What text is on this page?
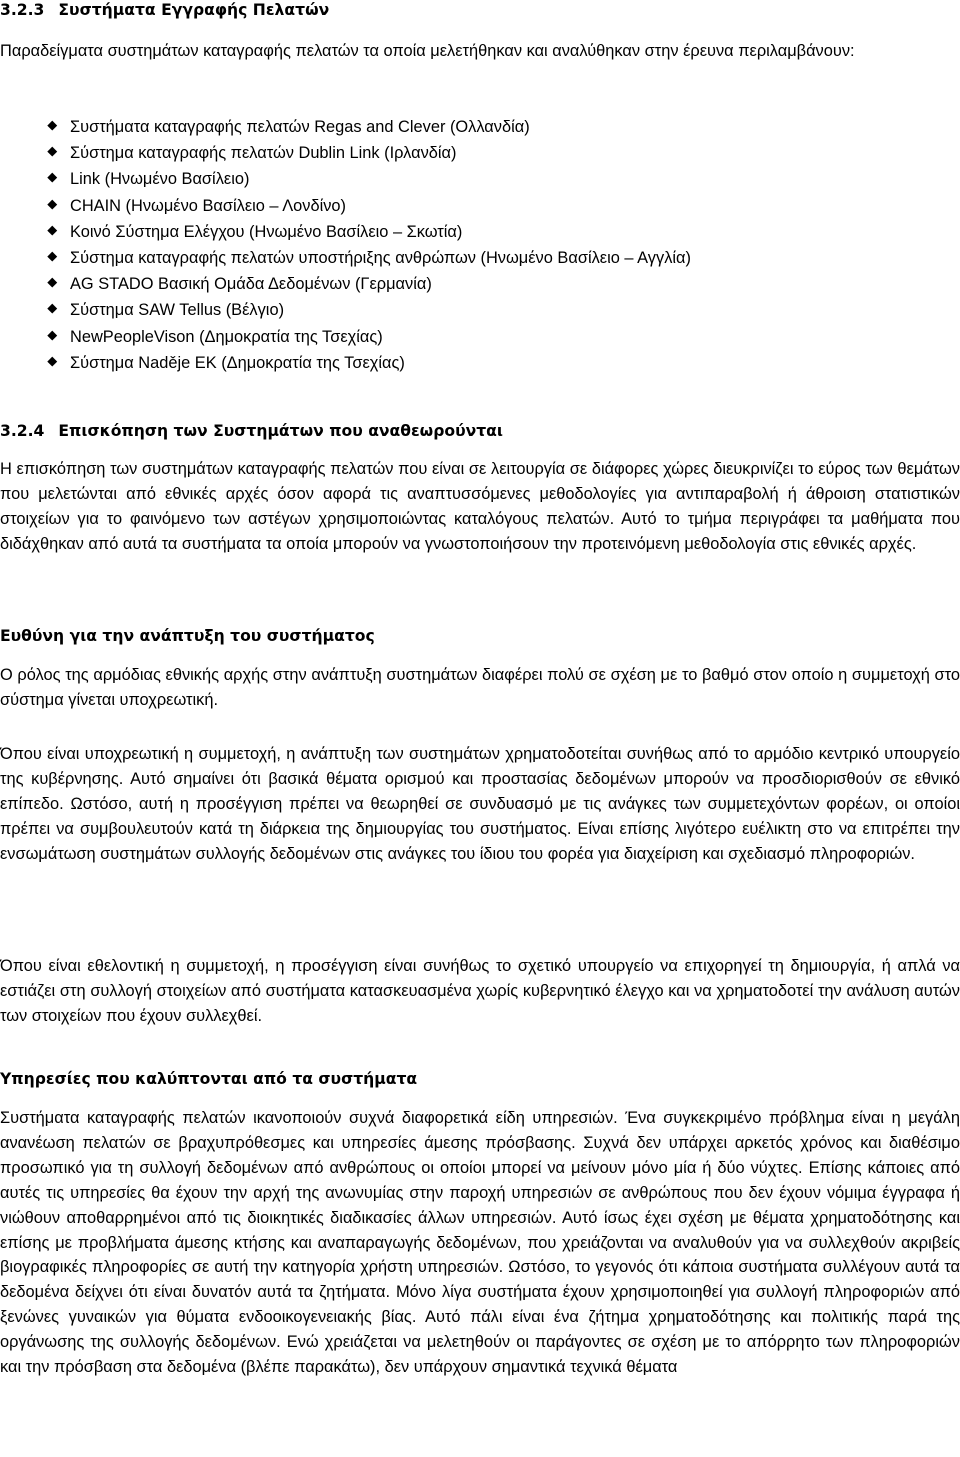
3.2.3 Συστήματα Εγγραφής Πελατών

Παραδείγματα συστημάτων καταγραφής πελατών τα οποία μελετήθηκαν και αναλύθηκαν στην έρευνα περιλαμβάνουν:

Συστήματα καταγραφής πελατών Regas and Clever (Ολλανδία)
Σύστημα καταγραφής πελατών Dublin Link (Ιρλανδία)
Link (Ηνωμένο Βασίλειο)
CHAIN (Ηνωμένο Βασίλειο – Λονδίνο)
Κοινό Σύστημα Ελέγχου (Ηνωμένο Βασίλειο – Σκωτία)
Σύστημα καταγραφής πελατών υποστήριξης ανθρώπων (Ηνωμένο Βασίλειο – Αγγλία)
AG STADO Βασική Ομάδα Δεδομένων (Γερμανία)
Σύστημα SAW Tellus (Βέλγιο)
NewPeopleVison (Δημοκρατία της Τσεχίας)
Σύστημα Naděje EK (Δημοκρατία της Τσεχίας)
3.2.4 Επισκόπηση των Συστημάτων που αναθεωρούνται

Η επισκόπηση των συστημάτων καταγραφής πελατών που είναι σε λειτουργία σε διάφορες χώρες διευκρινίζει το εύρος των θεμάτων που μελετώνται από εθνικές αρχές όσον αφορά τις αναπτυσσόμενες μεθοδολογίες για αντιπαραβολή ή άθροιση στατιστικών στοιχείων για το φαινόμενο των αστέγων χρησιμοποιώντας καταλόγους πελατών. Αυτό το τμήμα περιγράφει τα μαθήματα που διδάχθηκαν από αυτά τα συστήματα τα οποία μπορούν να γνωστοποιήσουν την προτεινόμενη μεθοδολογία στις εθνικές αρχές.

Ευθύνη για την ανάπτυξη του συστήματος

Ο ρόλος της αρμόδιας εθνικής αρχής στην ανάπτυξη συστημάτων διαφέρει πολύ σε σχέση με το βαθμό στον οποίο η συμμετοχή στο σύστημα γίνεται υποχρεωτική.

Όπου είναι υποχρεωτική η συμμετοχή, η ανάπτυξη των συστημάτων χρηματοδοτείται συνήθως από το αρμόδιο κεντρικό υπουργείο της κυβέρνησης. Αυτό σημαίνει ότι βασικά θέματα ορισμού και προστασίας δεδομένων μπορούν να προσδιορισθούν σε εθνικό επίπεδο. Ωστόσο, αυτή η προσέγγιση πρέπει να θεωρηθεί σε συνδυασμό με τις ανάγκες των συμμετεχόντων φορέων, οι οποίοι πρέπει να συμβουλευτούν κατά τη διάρκεια της δημιουργίας του συστήματος. Είναι επίσης λιγότερο ευέλικτη στο να επιτρέπει την ενσωμάτωση συστημάτων συλλογής δεδομένων στις ανάγκες του ίδιου του φορέα για διαχείριση και σχεδιασμό πληροφοριών.

Όπου είναι εθελοντική η συμμετοχή, η προσέγγιση είναι συνήθως το σχετικό υπουργείο να επιχορηγεί τη δημιουργία, ή απλά να εστιάζει στη συλλογή στοιχείων από συστήματα κατασκευασμένα χωρίς κυβερνητικό έλεγχο και να χρηματοδοτεί την ανάλυση αυτών των στοιχείων που έχουν συλλεχθεί.

Υπηρεσίες που καλύπτονται από τα συστήματα

Συστήματα καταγραφής πελατών ικανοποιούν συχνά διαφορετικά είδη υπηρεσιών. Ένα συγκεκριμένο πρόβλημα είναι η μεγάλη ανανέωση πελατών σε βραχυπρόθεσμες και υπηρεσίες άμεσης πρόσβασης. Συχνά δεν υπάρχει αρκετός χρόνος και διαθέσιμο προσωπικό για τη συλλογή δεδομένων από ανθρώπους οι οποίοι μπορεί να μείνουν μόνο μία ή δύο νύχτες. Επίσης κάποιες από αυτές τις υπηρεσίες θα έχουν την αρχή της ανωνυμίας στην παροχή υπηρεσιών σε ανθρώπους που δεν έχουν νόμιμα έγγραφα ή νιώθουν αποθαρρημένοι από τις διοικητικές διαδικασίες άλλων υπηρεσιών. Αυτό ίσως έχει σχέση με θέματα χρηματοδότησης και επίσης με προβλήματα άμεσης κτήσης και αναπαραγωγής δεδομένων, που χρειάζονται να αναλυθούν για να συλλεχθούν ακριβείς βιογραφικές πληροφορίες σε αυτή την κατηγορία χρήστη υπηρεσιών. Ωστόσο, το γεγονός ότι κάποια συστήματα συλλέγουν αυτά τα δεδομένα δείχνει ότι είναι δυνατόν αυτά τα ζητήματα. Μόνο λίγα συστήματα έχουν χρησιμοποιηθεί για συλλογή πληροφοριών από ξενώνες γυναικών για θύματα ενδοοικογενειακής βίας. Αυτό πάλι είναι ένα ζήτημα χρηματοδότησης και πολιτικής παρά της οργάνωσης της συλλογής δεδομένων. Ενώ χρειάζεται να μελετηθούν οι παράγοντες σε σχέση με το απόρρητο των πληροφοριών και την πρόσβαση στα δεδομένα (βλέπε παρακάτω), δεν υπάρχουν σημαντικά τεχνικά θέματα
